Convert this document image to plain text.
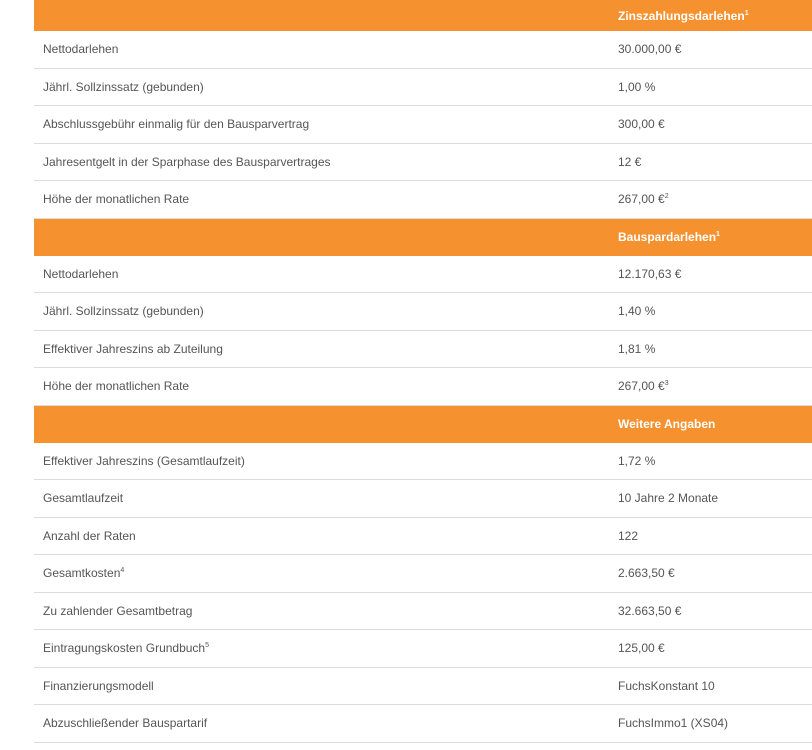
Zinszahlungsdarlehen$^1$
Nettodarlehen	30.000,00 €
Jährl. Sollzinssatz (gebunden)	1,00 %
Abschlussgebühr einmalig für den Bausparvertrag	300,00 €
Jahresentgelt in der Sparphase des Bausparvertrages	12 €
Höhe der monatlichen Rate	267,00 €$^2$
Bauspardarlehen$^1$
Nettodarlehen	12.170,63 €
Jährl. Sollzinssatz (gebunden)	1,40 %
Effektiver Jahreszins ab Zuteilung	1,81 %
Höhe der monatlichen Rate	267,00 €$^3$
Weitere Angaben
Effektiver Jahreszins (Gesamtlaufzeit)	1,72 %
Gesamtlaufzeit	10 Jahre 2 Monate
Anzahl der Raten	122
Gesamtkosten$^4$	2.663,50 €
Zu zahlender Gesamtbetrag	32.663,50 €
Eintragungskosten Grundbuch$^5$	125,00 €
Finanzierungsmodell	FuchsKonstant 10
Abzuschließender Bauspartarif	FuchsImmo1 (XS04)
